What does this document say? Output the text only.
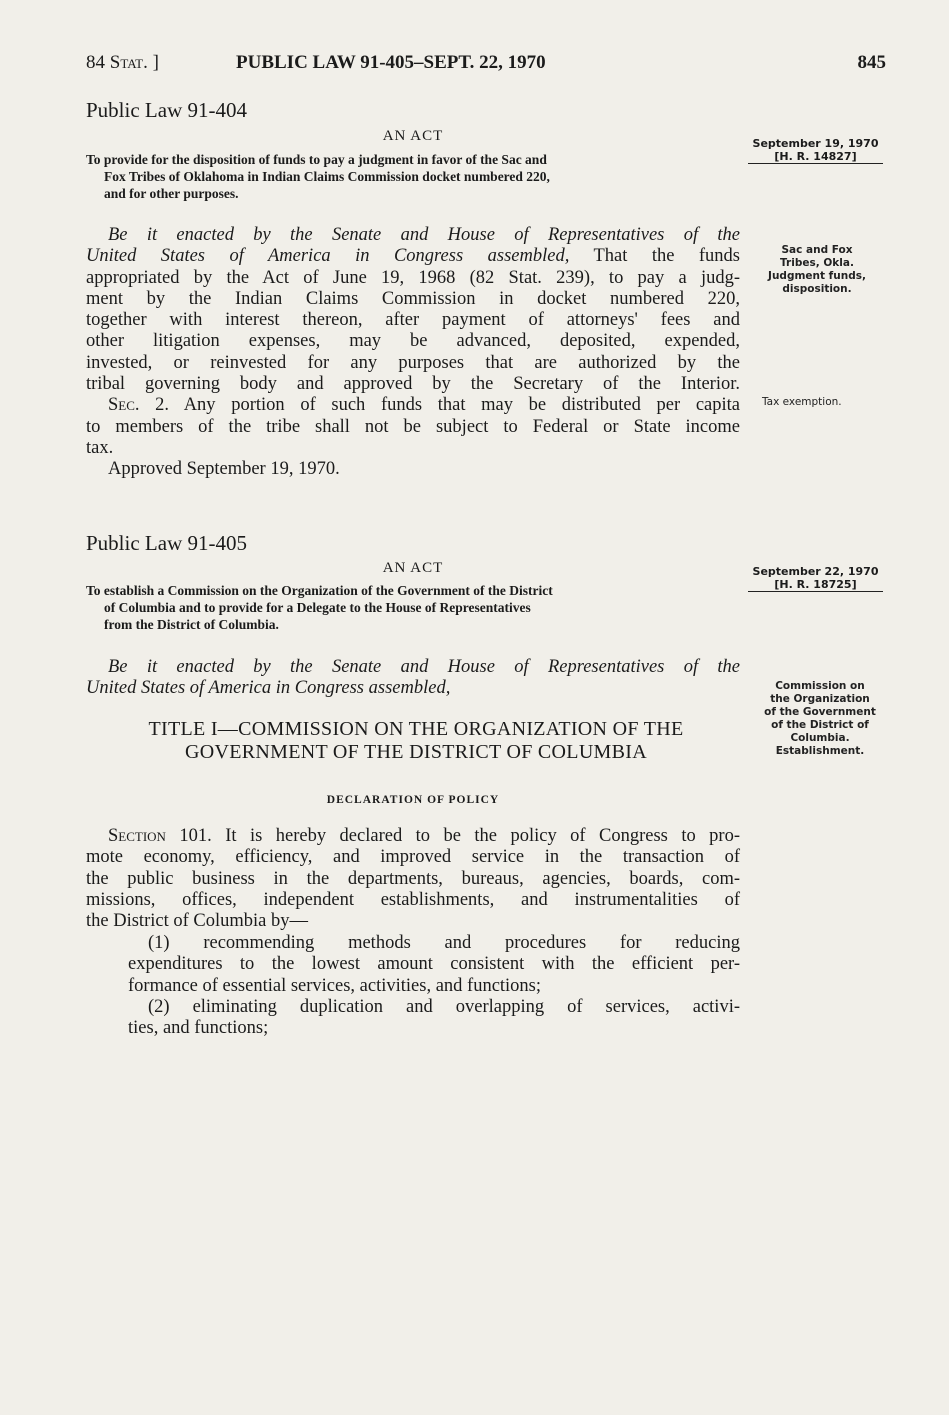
84 Stat. ]	PUBLIC LAW 91-405–SEPT. 22, 1970	845
Public Law 91-404
AN ACT
To provide for the disposition of funds to pay a judgment in favor of the Sac and
Fox Tribes of Oklahoma in Indian Claims Commission docket numbered 220,
and for other purposes.
September 19, 1970
[H. R. 14827]
Be it enacted by the Senate and House of Representatives of the
United States of America in Congress assembled, That the funds
appropriated by the Act of June 19, 1968 (82 Stat. 239), to pay a judg-
ment by the Indian Claims Commission in docket numbered 220,
together with interest thereon, after payment of attorneys' fees and
other litigation expenses, may be advanced, deposited, expended,
invested, or reinvested for any purposes that are authorized by the
tribal governing body and approved by the Secretary of the Interior.
Sec. 2. Any portion of such funds that may be distributed per capita
to members of the tribe shall not be subject to Federal or State income
tax.
Approved September 19, 1970.
Sac and Fox
Tribes, Okla.
Judgment funds,
disposition.
Tax exemption.
Public Law 91-405
AN ACT
To establish a Commission on the Organization of the Government of the District
of Columbia and to provide for a Delegate to the House of Representatives
from the District of Columbia.
September 22, 1970
[H. R. 18725]
Be it enacted by the Senate and House of Representatives of the
United States of America in Congress assembled,
TITLE I—COMMISSION ON THE ORGANIZATION OF THE
GOVERNMENT OF THE DISTRICT OF COLUMBIA
Commission on
the Organization
of the Government
of the District of
Columbia.
Establishment.
DECLARATION OF POLICY
Section 101. It is hereby declared to be the policy of Congress to pro-
mote economy, efficiency, and improved service in the transaction of
the public business in the departments, bureaus, agencies, boards, com-
missions, offices, independent establishments, and instrumentalities of
the District of Columbia by—
(1) recommending methods and procedures for reducing
expenditures to the lowest amount consistent with the efficient per-
formance of essential services, activities, and functions;
(2) eliminating duplication and overlapping of services, activi-
ties, and functions;
